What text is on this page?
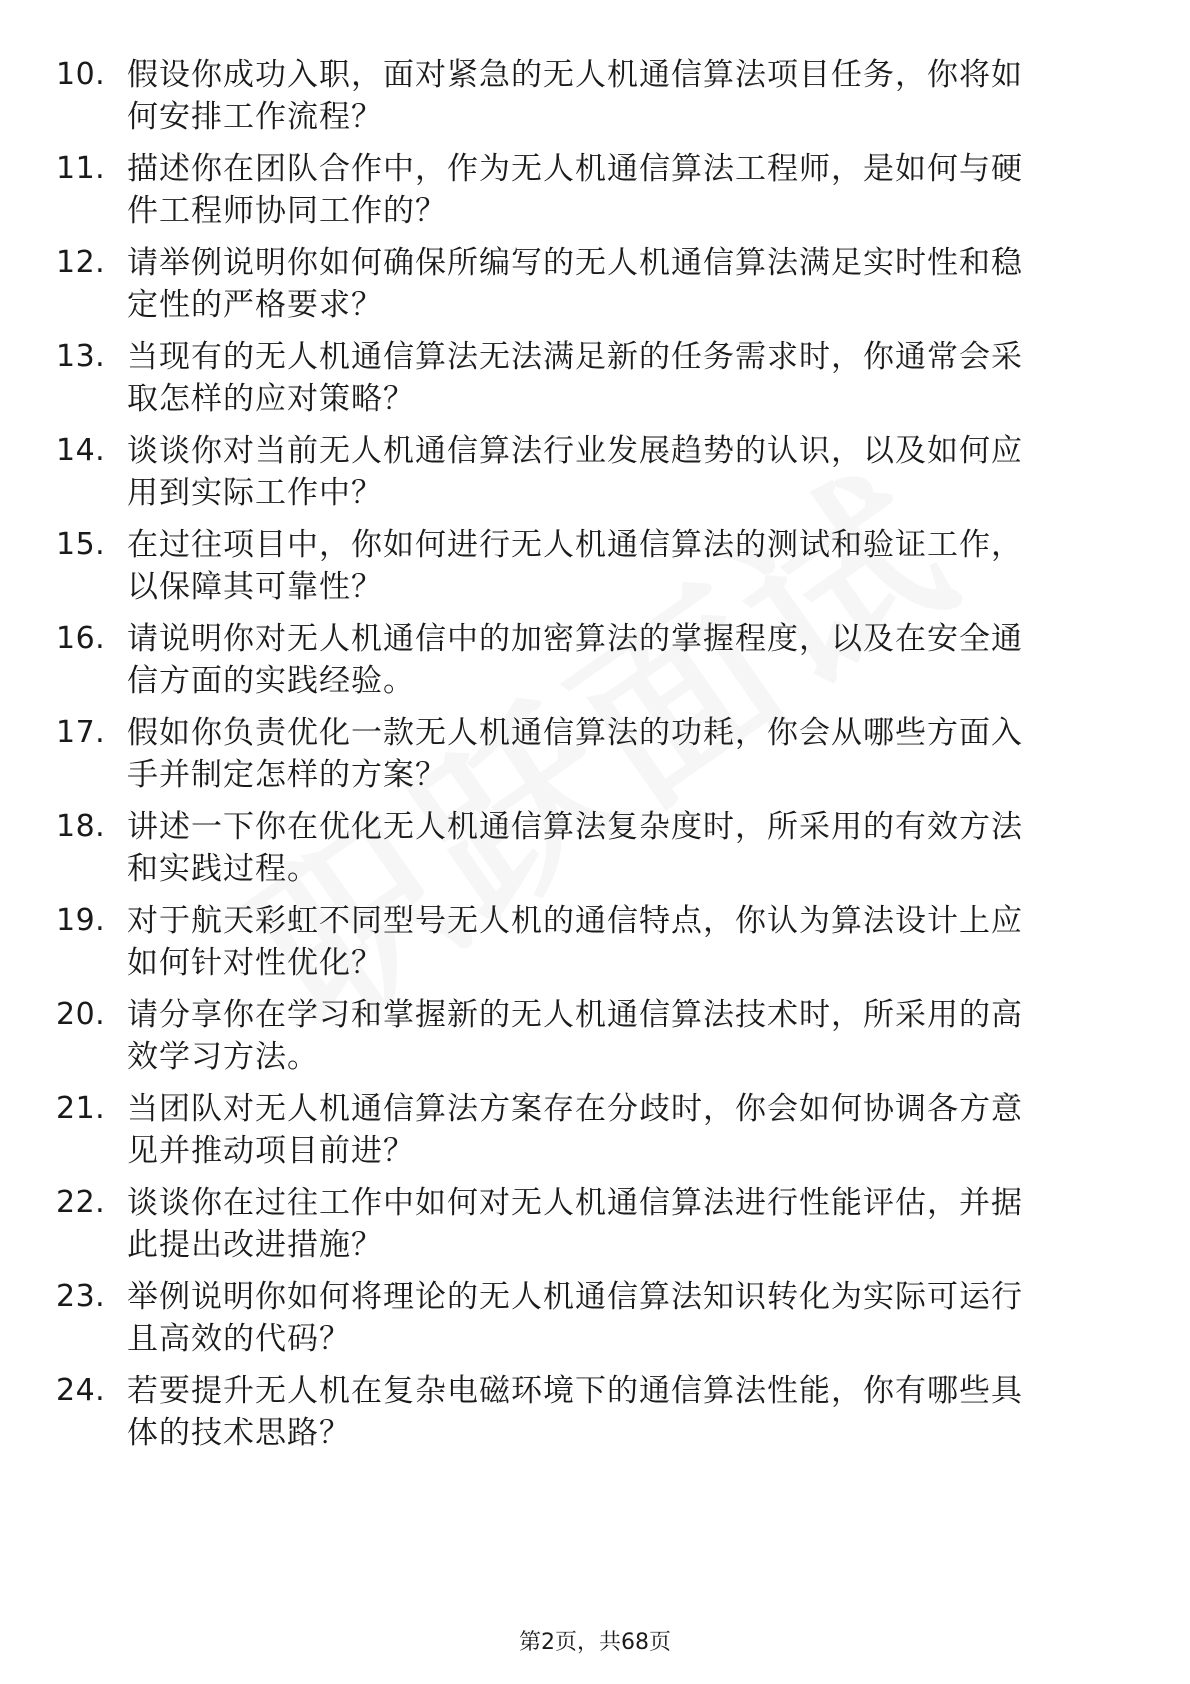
10. 假设你成功入职，面对紧急的无人机通信算法项目任务，你将如
何安排工作流程？
11. 描述你在团队合作中，作为无人机通信算法工程师，是如何与硬
件工程师协同工作的？
12. 请举例说明你如何确保所编写的无人机通信算法满足实时性和稳
定性的严格要求？
13. 当现有的无人机通信算法无法满足新的任务需求时，你通常会采
取怎样的应对策略？
14. 谈谈你对当前无人机通信算法行业发展趋势的认识，以及如何应
用到实际工作中？
15. 在过往项目中，你如何进行无人机通信算法的测试和验证工作，
以保障其可靠性？
16. 请说明你对无人机通信中的加密算法的掌握程度，以及在安全通
信方面的实践经验。
17. 假如你负责优化一款无人机通信算法的功耗，你会从哪些方面入
手并制定怎样的方案？
18. 讲述一下你在优化无人机通信算法复杂度时，所采用的有效方法
和实践过程。
19. 对于航天彩虹不同型号无人机的通信特点，你认为算法设计上应
如何针对性优化？
20. 请分享你在学习和掌握新的无人机通信算法技术时，所采用的高
效学习方法。
21. 当团队对无人机通信算法方案存在分歧时，你会如何协调各方意
见并推动项目前进？
22. 谈谈你在过往工作中如何对无人机通信算法进行性能评估，并据
此提出改进措施？
23. 举例说明你如何将理论的无人机通信算法知识转化为实际可运行
且高效的代码？
24. 若要提升无人机在复杂电磁环境下的通信算法性能，你有哪些具
体的技术思路？
第2页，共68页
